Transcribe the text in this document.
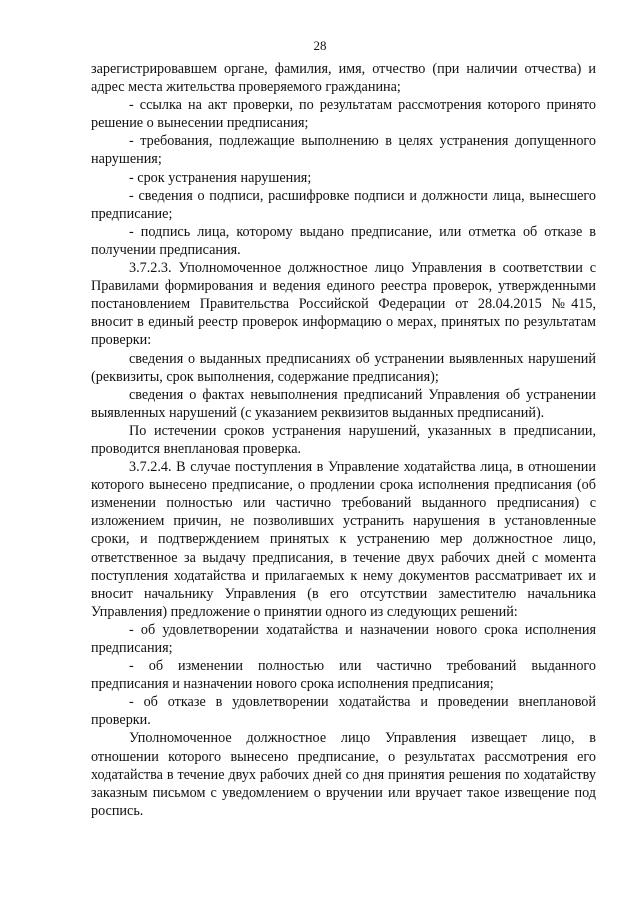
28

зарегистрировавшем органе, фамилия, имя, отчество (при наличии отчества) и адрес места жительства проверяемого гражданина;

- ссылка на акт проверки, по результатам рассмотрения которого принято решение о вынесении предписания;

- требования, подлежащие выполнению в целях устранения допущенного нарушения;

- срок устранения нарушения;

- сведения о подписи, расшифровке подписи и должности лица, вынесшего предписание;

- подпись лица, которому выдано предписание, или отметка об отказе в получении предписания.

3.7.2.3. Уполномоченное должностное лицо Управления в соответствии с Правилами формирования и ведения единого реестра проверок, утвержденными постановлением Правительства Российской Федерации от 28.04.2015 №415, вносит в единый реестр проверок информацию о мерах, принятых по результатам проверки:

сведения о выданных предписаниях об устранении выявленных нарушений (реквизиты, срок выполнения, содержание предписания);

сведения о фактах невыполнения предписаний Управления об устранении выявленных нарушений (с указанием реквизитов выданных предписаний).

По истечении сроков устранения нарушений, указанных в предписании, проводится внеплановая проверка.

3.7.2.4. В случае поступления в Управление ходатайства лица, в отношении которого вынесено предписание, о продлении срока исполнения предписания (об изменении полностью или частично требований выданного предписания) с изложением причин, не позволивших устранить нарушения в установленные сроки, и подтверждением принятых к устранению мер должностное лицо, ответственное за выдачу предписания, в течение двух рабочих дней с момента поступления ходатайства и прилагаемых к нему документов рассматривает их и вносит начальнику Управления (в его отсутствии заместителю начальника Управления) предложение о принятии одного из следующих решений:

- об удовлетворении ходатайства и назначении нового срока исполнения предписания;

- об изменении полностью или частично требований выданного предписания и назначении нового срока исполнения предписания;

- об отказе в удовлетворении ходатайства и проведении внеплановой проверки.

Уполномоченное должностное лицо Управления извещает лицо, в отношении которого вынесено предписание, о результатах рассмотрения его ходатайства в течение двух рабочих дней со дня принятия решения по ходатайству заказным письмом с уведомлением о вручении или вручает такое извещение под роспись.
